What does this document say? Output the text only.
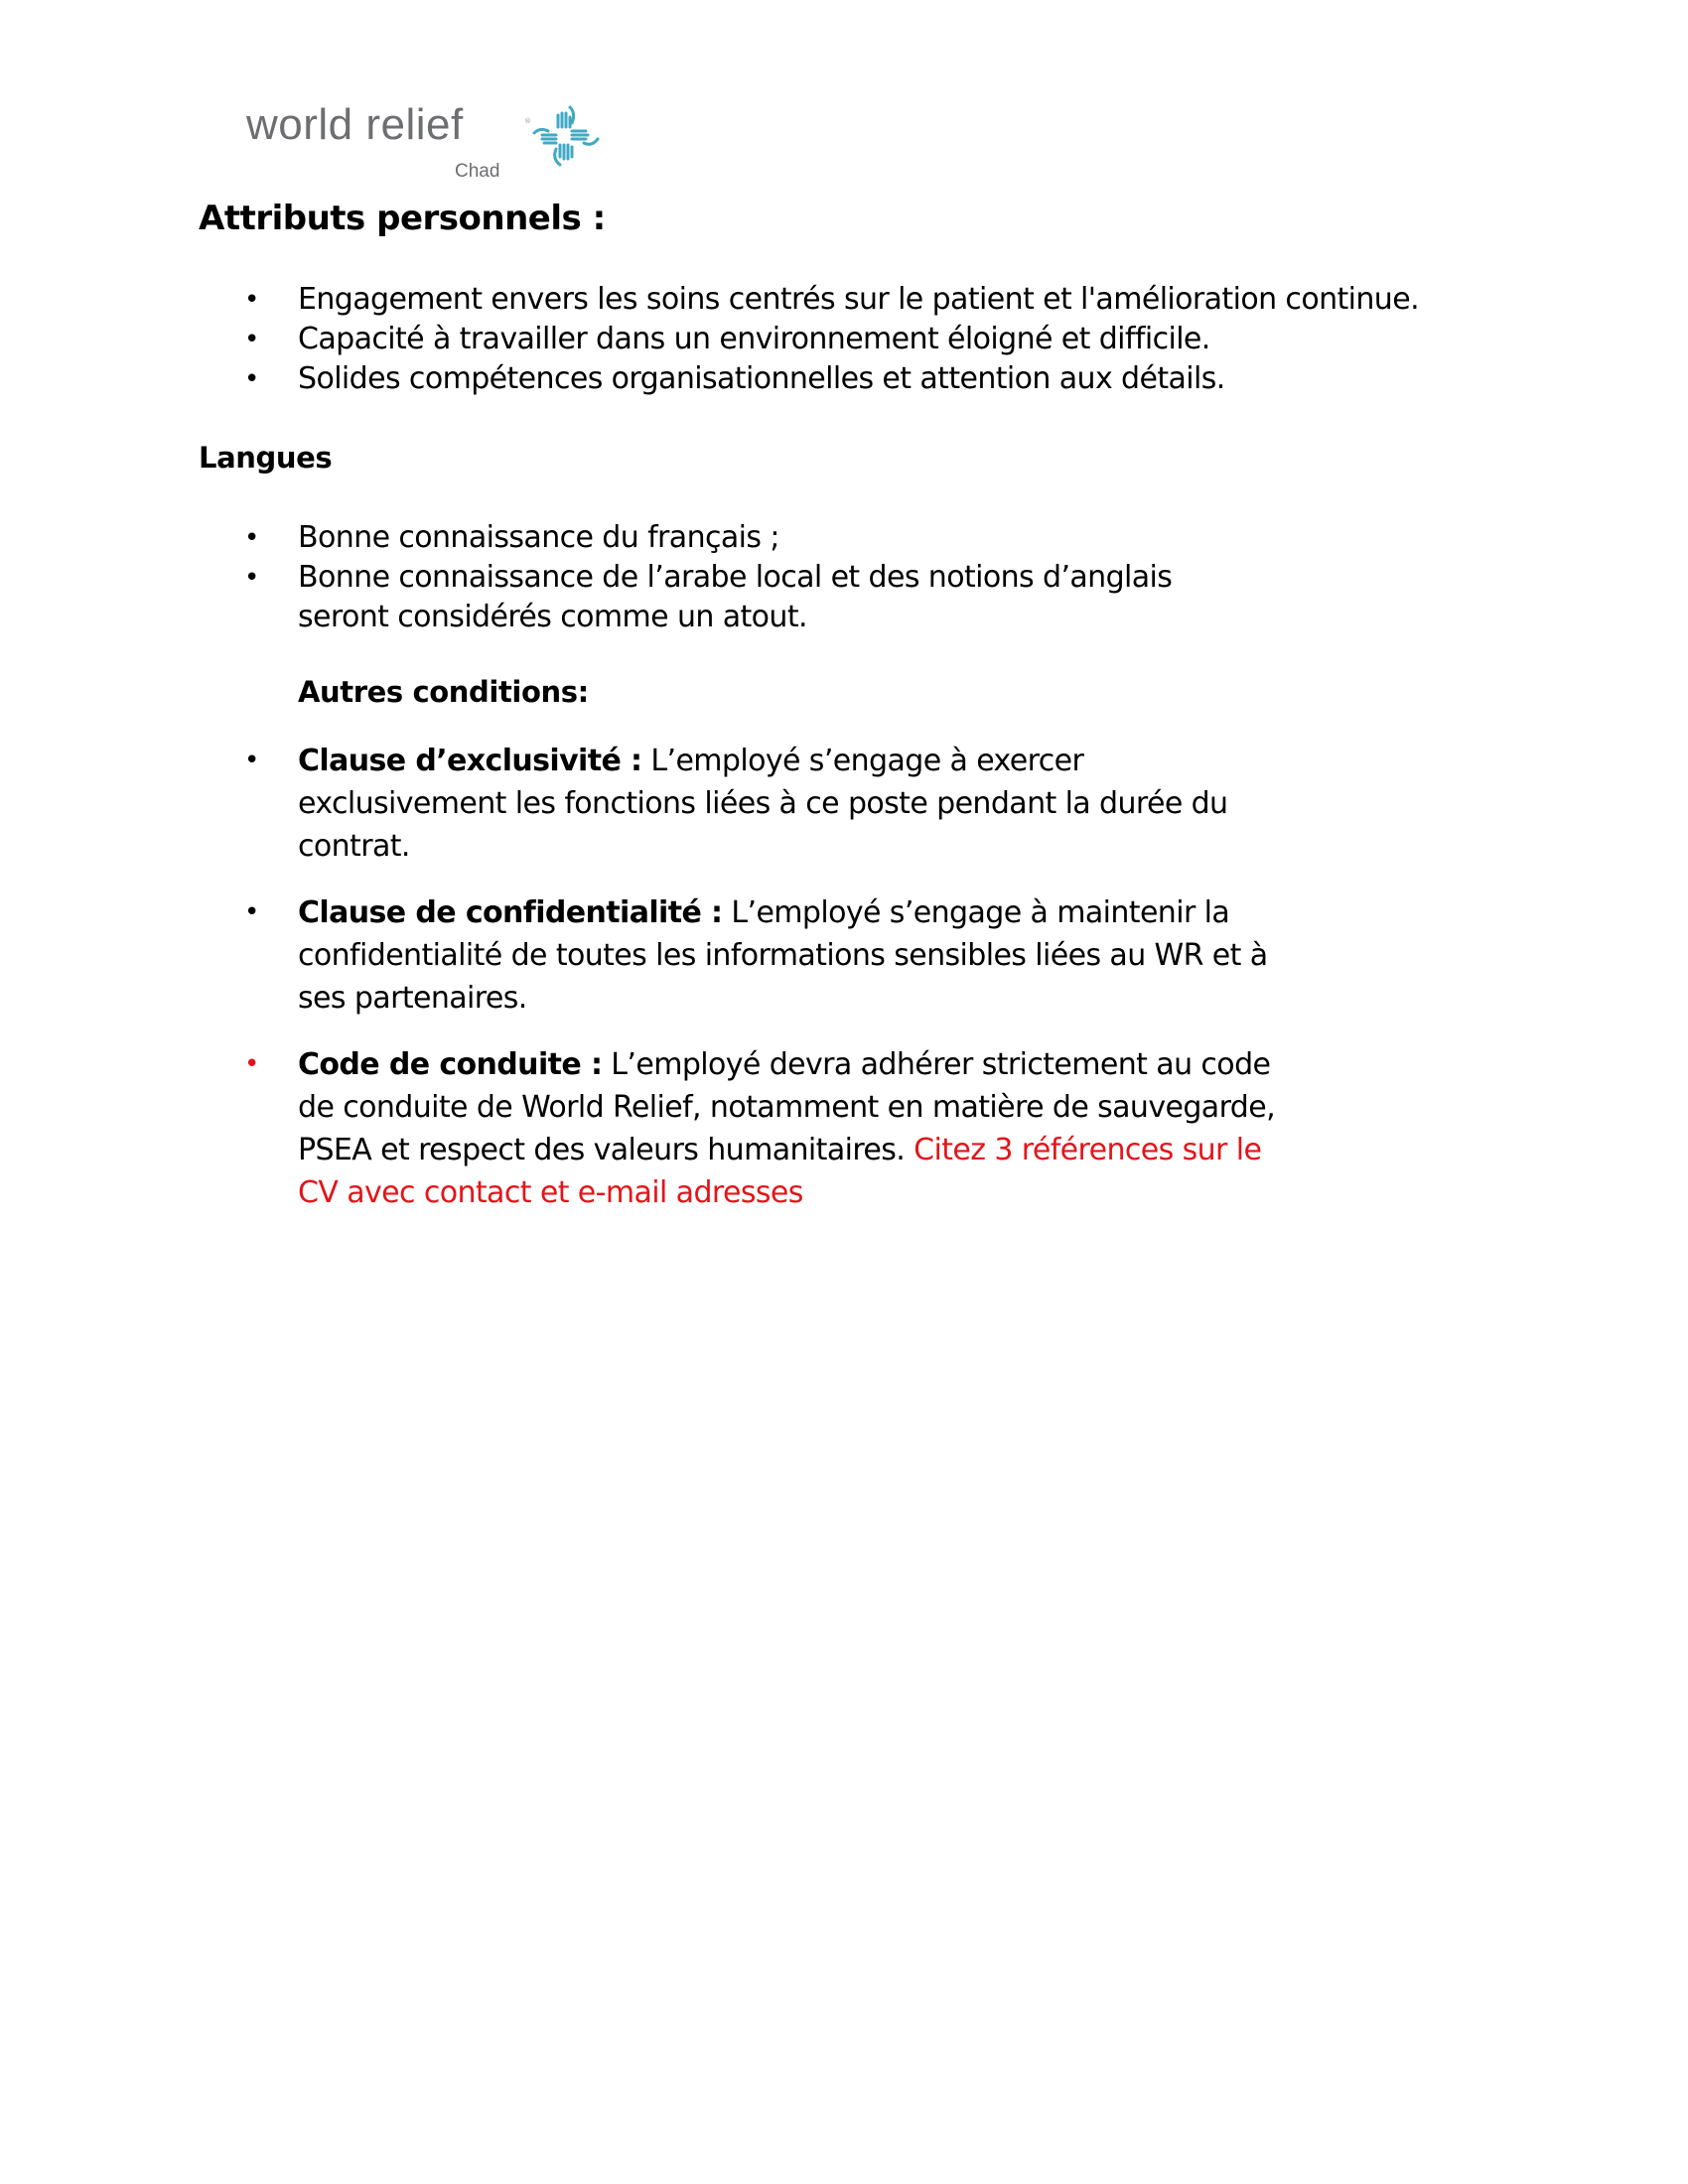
world relief	®
Chad
Attributs personnels :
• Engagement envers les soins centrés sur le patient et l'amélioration continue.
• Capacité à travailler dans un environnement éloigné et difficile.
• Solides compétences organisationnelles et attention aux détails.
Langues
• Bonne connaissance du français ;
• Bonne connaissance de l’arabe local et des notions d’anglais seront considérés comme un atout.
Autres conditions:
• Clause d’exclusivité : L’employé s’engage à exercer exclusivement les fonctions liées à ce poste pendant la durée du contrat.
• Clause de confidentialité : L’employé s’engage à maintenir la confidentialité de toutes les informations sensibles liées au WR et à ses partenaires.
• Code de conduite : L’employé devra adhérer strictement au code de conduite de World Relief, notamment en matière de sauvegarde, PSEA et respect des valeurs humanitaires. Citez 3 références sur le CV avec contact et e-mail adresses
